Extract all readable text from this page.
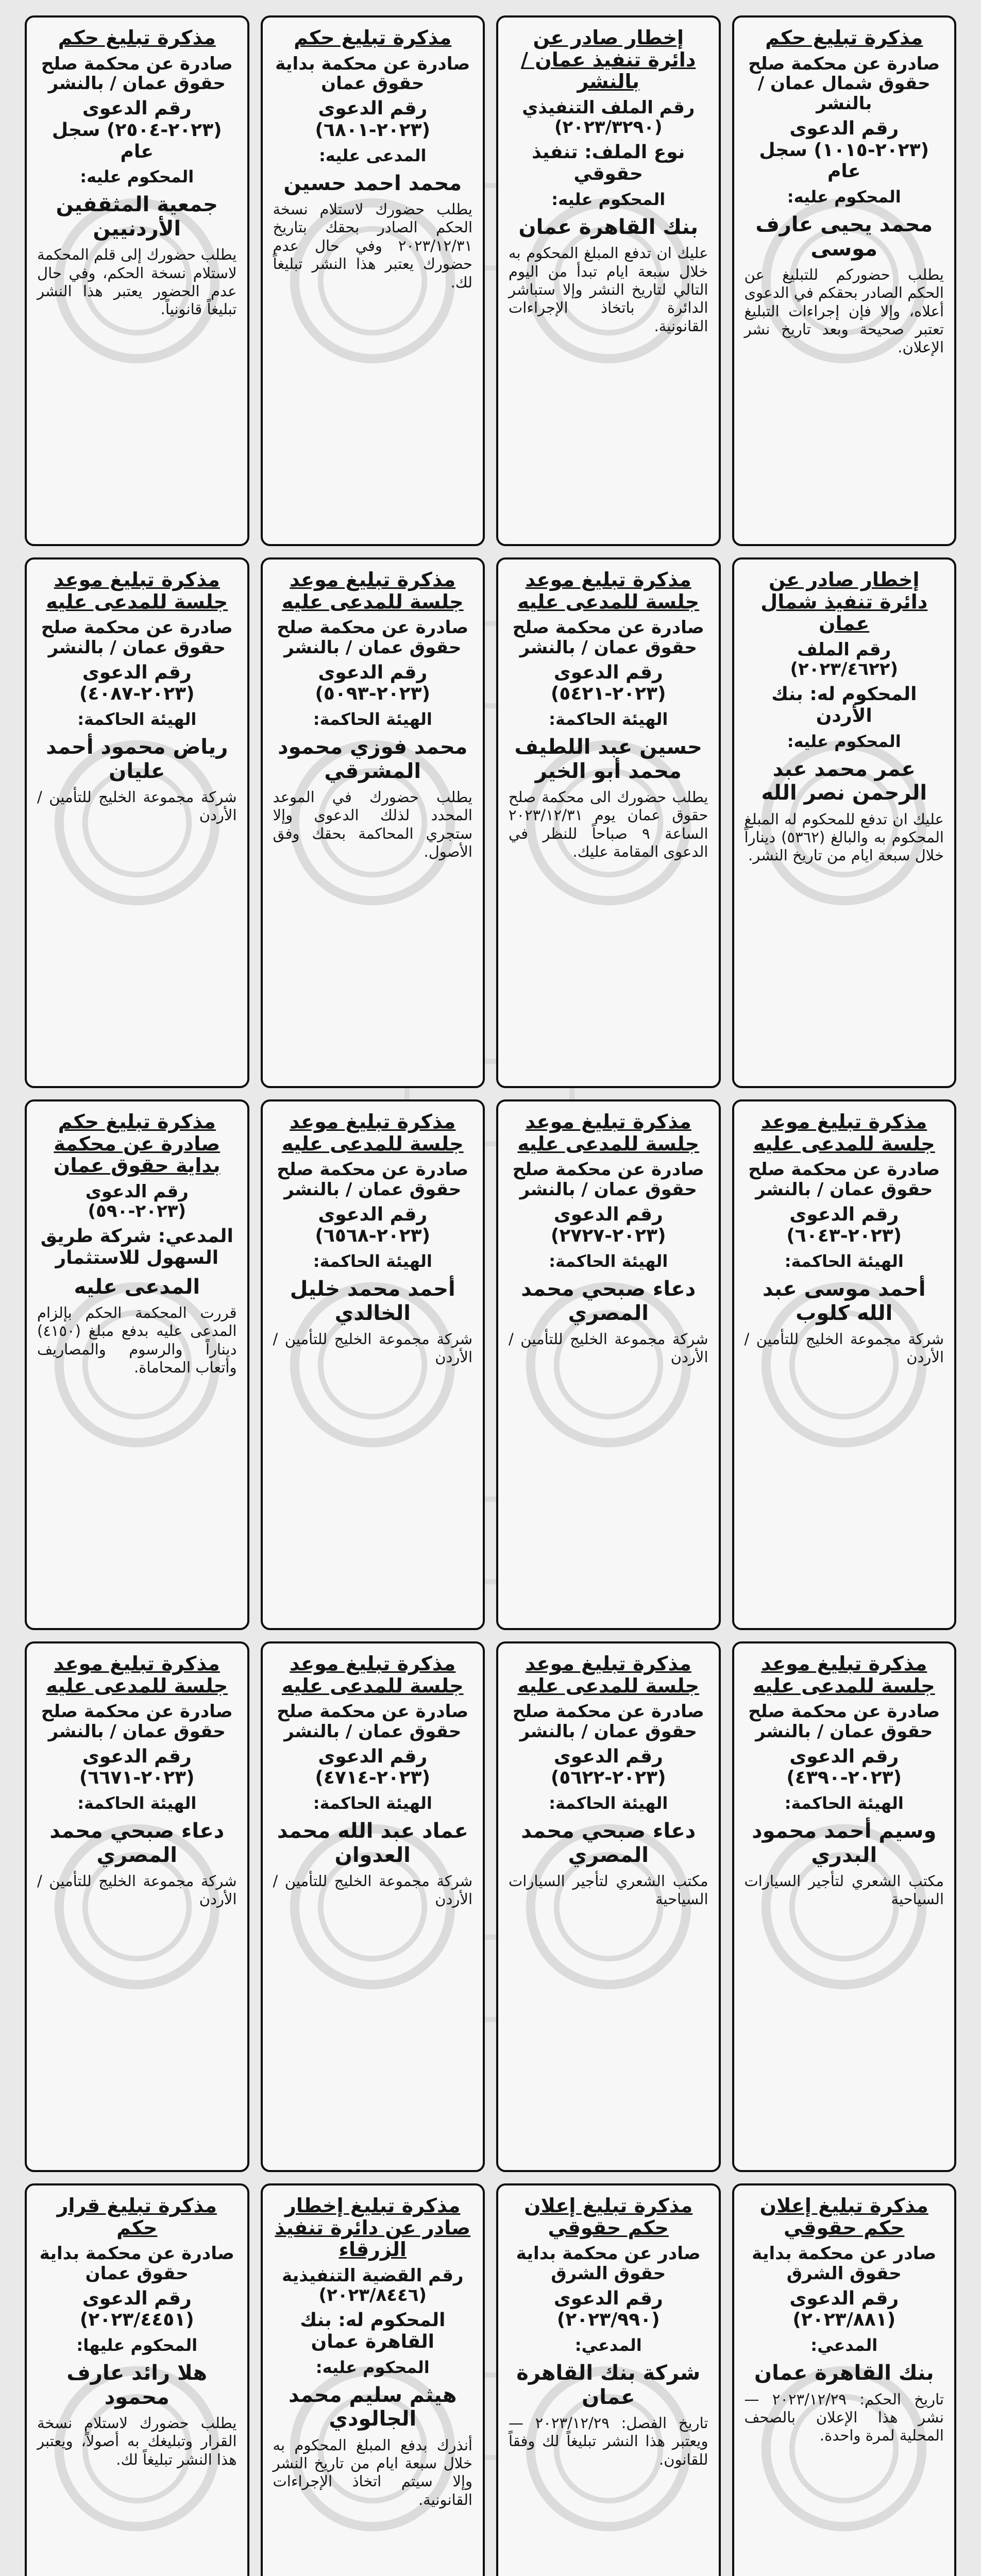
مذكرة تبليغ حكم
صادرة عن محكمة صلح حقوق شمال عمان / بالنشر
رقم الدعوى (٢٠٢٣-١٠١٥) سجل عام
المحكوم عليه:
محمد يحيى عارف موسى
يطلب حضوركم للتبليغ عن الحكم الصادر بحقكم في الدعوى أعلاه، وإلا فإن إجراءات التبليغ تعتبر صحيحة وبعد تاريخ نشر الإعلان.
إخطار صادر عن دائرة تنفيذ عمان / بالنشر
رقم الملف التنفيذي (٢٠٢٣/٣٢٩٠)
نوع الملف: تنفيذ حقوقي
المحكوم عليه:
بنك القاهرة عمان
عليك ان تدفع المبلغ المحكوم به خلال سبعة ايام تبدأ من اليوم التالي لتاريخ النشر وإلا ستباشر الدائرة باتخاذ الإجراءات القانونية.
مذكرة تبليغ حكم
صادرة عن محكمة بداية حقوق عمان
رقم الدعوى (٢٠٢٣-٦٨٠١)
المدعى عليه:
محمد احمد حسين
يطلب حضورك لاستلام نسخة الحكم الصادر بحقك بتاريخ ٢٠٢٣/١٢/٣١ وفي حال عدم حضورك يعتبر هذا النشر تبليغاً لك.
مذكرة تبليغ حكم
صادرة عن محكمة صلح حقوق عمان / بالنشر
رقم الدعوى (٢٠٢٣-٢٥٠٤) سجل عام
المحكوم عليه:
جمعية المثقفين الأردنيين
يطلب حضورك إلى قلم المحكمة لاستلام نسخة الحكم، وفي حال عدم الحضور يعتبر هذا النشر تبليغاً قانونياً.
إخطار صادر عن دائرة تنفيذ شمال عمان
رقم الملف (٢٠٢٣/٤٦٢٢)
المحكوم له: بنك الأردن
المحكوم عليه:
عمر محمد عبد الرحمن نصر الله
عليك ان تدفع للمحكوم له المبلغ المحكوم به والبالغ (٥٣٦٢) ديناراً خلال سبعة ايام من تاريخ النشر.
مذكرة تبليغ موعد جلسة للمدعى عليه
صادرة عن محكمة صلح حقوق عمان / بالنشر
رقم الدعوى (٢٠٢٣-٥٤٢١)
الهيئة الحاكمة:
حسين عبد اللطيف محمد أبو الخير
يطلب حضورك الى محكمة صلح حقوق عمان يوم ٢٠٢٣/١٢/٣١ الساعة ٩ صباحاً للنظر في الدعوى المقامة عليك.
مذكرة تبليغ موعد جلسة للمدعى عليه
صادرة عن محكمة صلح حقوق عمان / بالنشر
رقم الدعوى (٢٠٢٣-٥٠٩٣)
الهيئة الحاكمة:
محمد فوزي محمود المشرقي
يطلب حضورك في الموعد المحدد لذلك الدعوى وإلا ستجري المحاكمة بحقك وفق الأصول.
مذكرة تبليغ موعد جلسة للمدعى عليه
صادرة عن محكمة صلح حقوق عمان / بالنشر
رقم الدعوى (٢٠٢٣-٤٠٨٧)
الهيئة الحاكمة:
رياض محمود أحمد عليان
شركة مجموعة الخليج للتأمين / الأردن
مذكرة تبليغ موعد جلسة للمدعى عليه
صادرة عن محكمة صلح حقوق عمان / بالنشر
رقم الدعوى (٢٠٢٣-٦٠٤٣)
الهيئة الحاكمة:
أحمد موسى عبد الله كلوب
شركة مجموعة الخليج للتأمين / الأردن
مذكرة تبليغ موعد جلسة للمدعى عليه
صادرة عن محكمة صلح حقوق عمان / بالنشر
رقم الدعوى (٢٠٢٣-٢٧٢٧)
الهيئة الحاكمة:
دعاء صبحي محمد المصري
شركة مجموعة الخليج للتأمين / الأردن
مذكرة تبليغ موعد جلسة للمدعى عليه
صادرة عن محكمة صلح حقوق عمان / بالنشر
رقم الدعوى (٢٠٢٣-٦٥٦٨)
الهيئة الحاكمة:
أحمد محمد خليل الخالدي
شركة مجموعة الخليج للتأمين / الأردن
مذكرة تبليغ حكم صادرة عن محكمة بداية حقوق عمان
رقم الدعوى (٢٠٢٣-٥٩٠)
المدعي: شركة طريق السهول للاستثمار
المدعى عليه
قررت المحكمة الحكم بإلزام المدعى عليه بدفع مبلغ (٤١٥٠) ديناراً والرسوم والمصاريف وأتعاب المحاماة.
مذكرة تبليغ موعد جلسة للمدعى عليه
صادرة عن محكمة صلح حقوق عمان / بالنشر
رقم الدعوى (٢٠٢٣-٤٣٩٠)
الهيئة الحاكمة:
وسيم أحمد محمود البدري
مكتب الشعري لتأجير السيارات السياحية
مذكرة تبليغ موعد جلسة للمدعى عليه
صادرة عن محكمة صلح حقوق عمان / بالنشر
رقم الدعوى (٢٠٢٣-٥٦٢٢)
الهيئة الحاكمة:
دعاء صبحي محمد المصري
مكتب الشعري لتأجير السيارات السياحية
مذكرة تبليغ موعد جلسة للمدعى عليه
صادرة عن محكمة صلح حقوق عمان / بالنشر
رقم الدعوى (٢٠٢٣-٤٧١٤)
الهيئة الحاكمة:
عماد عبد الله محمد العدوان
شركة مجموعة الخليج للتأمين / الأردن
مذكرة تبليغ موعد جلسة للمدعى عليه
صادرة عن محكمة صلح حقوق عمان / بالنشر
رقم الدعوى (٢٠٢٣-٦٦٧١)
الهيئة الحاكمة:
دعاء صبحي محمد المصري
شركة مجموعة الخليج للتأمين / الأردن
مذكرة تبليغ إعلان حكم حقوقي
صادر عن محكمة بداية حقوق الشرق
رقم الدعوى (٢٠٢٣/٨٨١)
المدعي:
بنك القاهرة عمان
تاريخ الحكم: ٢٠٢٣/١٢/٢٩ — نشر هذا الإعلان بالصحف المحلية لمرة واحدة.
مذكرة تبليغ إعلان حكم حقوقي
صادر عن محكمة بداية حقوق الشرق
رقم الدعوى (٢٠٢٣/٩٩٠)
المدعي:
شركة بنك القاهرة عمان
تاريخ الفصل: ٢٠٢٣/١٢/٢٩ — ويعتبر هذا النشر تبليغاً لك وفقاً للقانون.
مذكرة تبليغ إخطار صادر عن دائرة تنفيذ الزرقاء
رقم القضية التنفيذية (٢٠٢٣/٨٤٤٦)
المحكوم له: بنك القاهرة عمان
المحكوم عليه:
هيثم سليم محمد الجالودي
أنذرك بدفع المبلغ المحكوم به خلال سبعة ايام من تاريخ النشر وإلا سيتم اتخاذ الإجراءات القانونية.
مذكرة تبليغ قرار حكم
صادرة عن محكمة بداية حقوق عمان
رقم الدعوى (٢٠٢٣/٤٤٥١)
المحكوم عليها:
هلا رائد عارف محمود
يطلب حضورك لاستلام نسخة القرار وتبليغك به أصولاً، ويعتبر هذا النشر تبليغاً لك.
